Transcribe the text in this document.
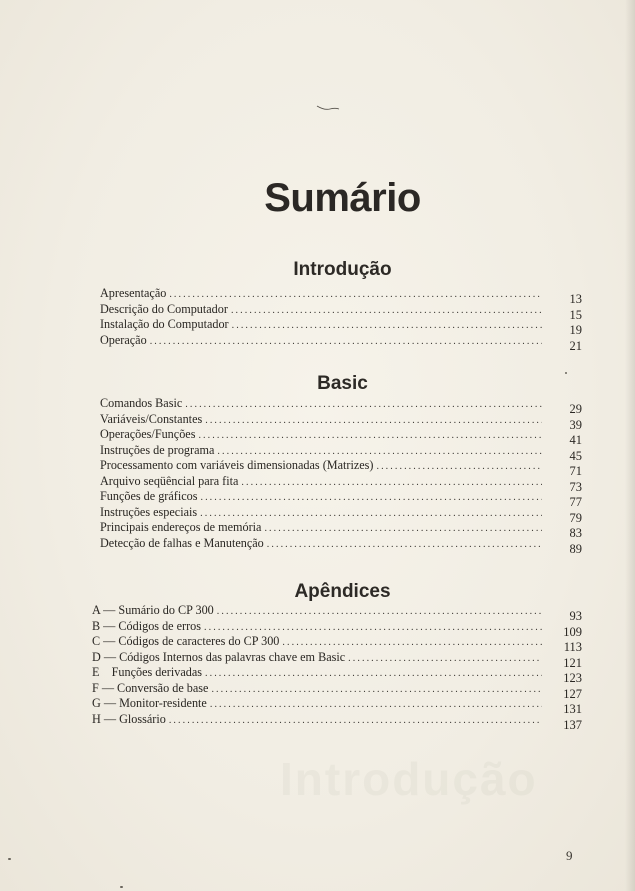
Sumário
Introdução
Apresentação
. . .
Descrição do Computador
. . .
Instalação do Computador
. . .
Operação
. . .
13
15
19
21
Basic
Comandos Basic
. . .
Variáveis/Constantes
. . .
Operações/Funções
. . .
Instruções de programa
. . .
Processamento com variáveis dimensionadas (Matrizes)
. . .
Arquivo seqüêncial para fita
. . .
Funções de gráficos
. . .
Instruções especiais
. . .
Principais endereços de memória
. . .
Detecção de falhas e Manutenção
. . .
29
39
41
45
71
73
77
79
83
89
Apêndices
A — Sumário do CP 300
. . .
B — Códigos de erros
. . .
C — Códigos de caracteres do CP 300
. . .
D — Códigos Internos das palavras chave em Basic
. . .
E    Funções derivadas
. . .
F — Conversão de base
. . .
G — Monitor-residente
. . .
H — Glossário
. . .
93
109
113
121
123
127
131
137
Introdução
9
